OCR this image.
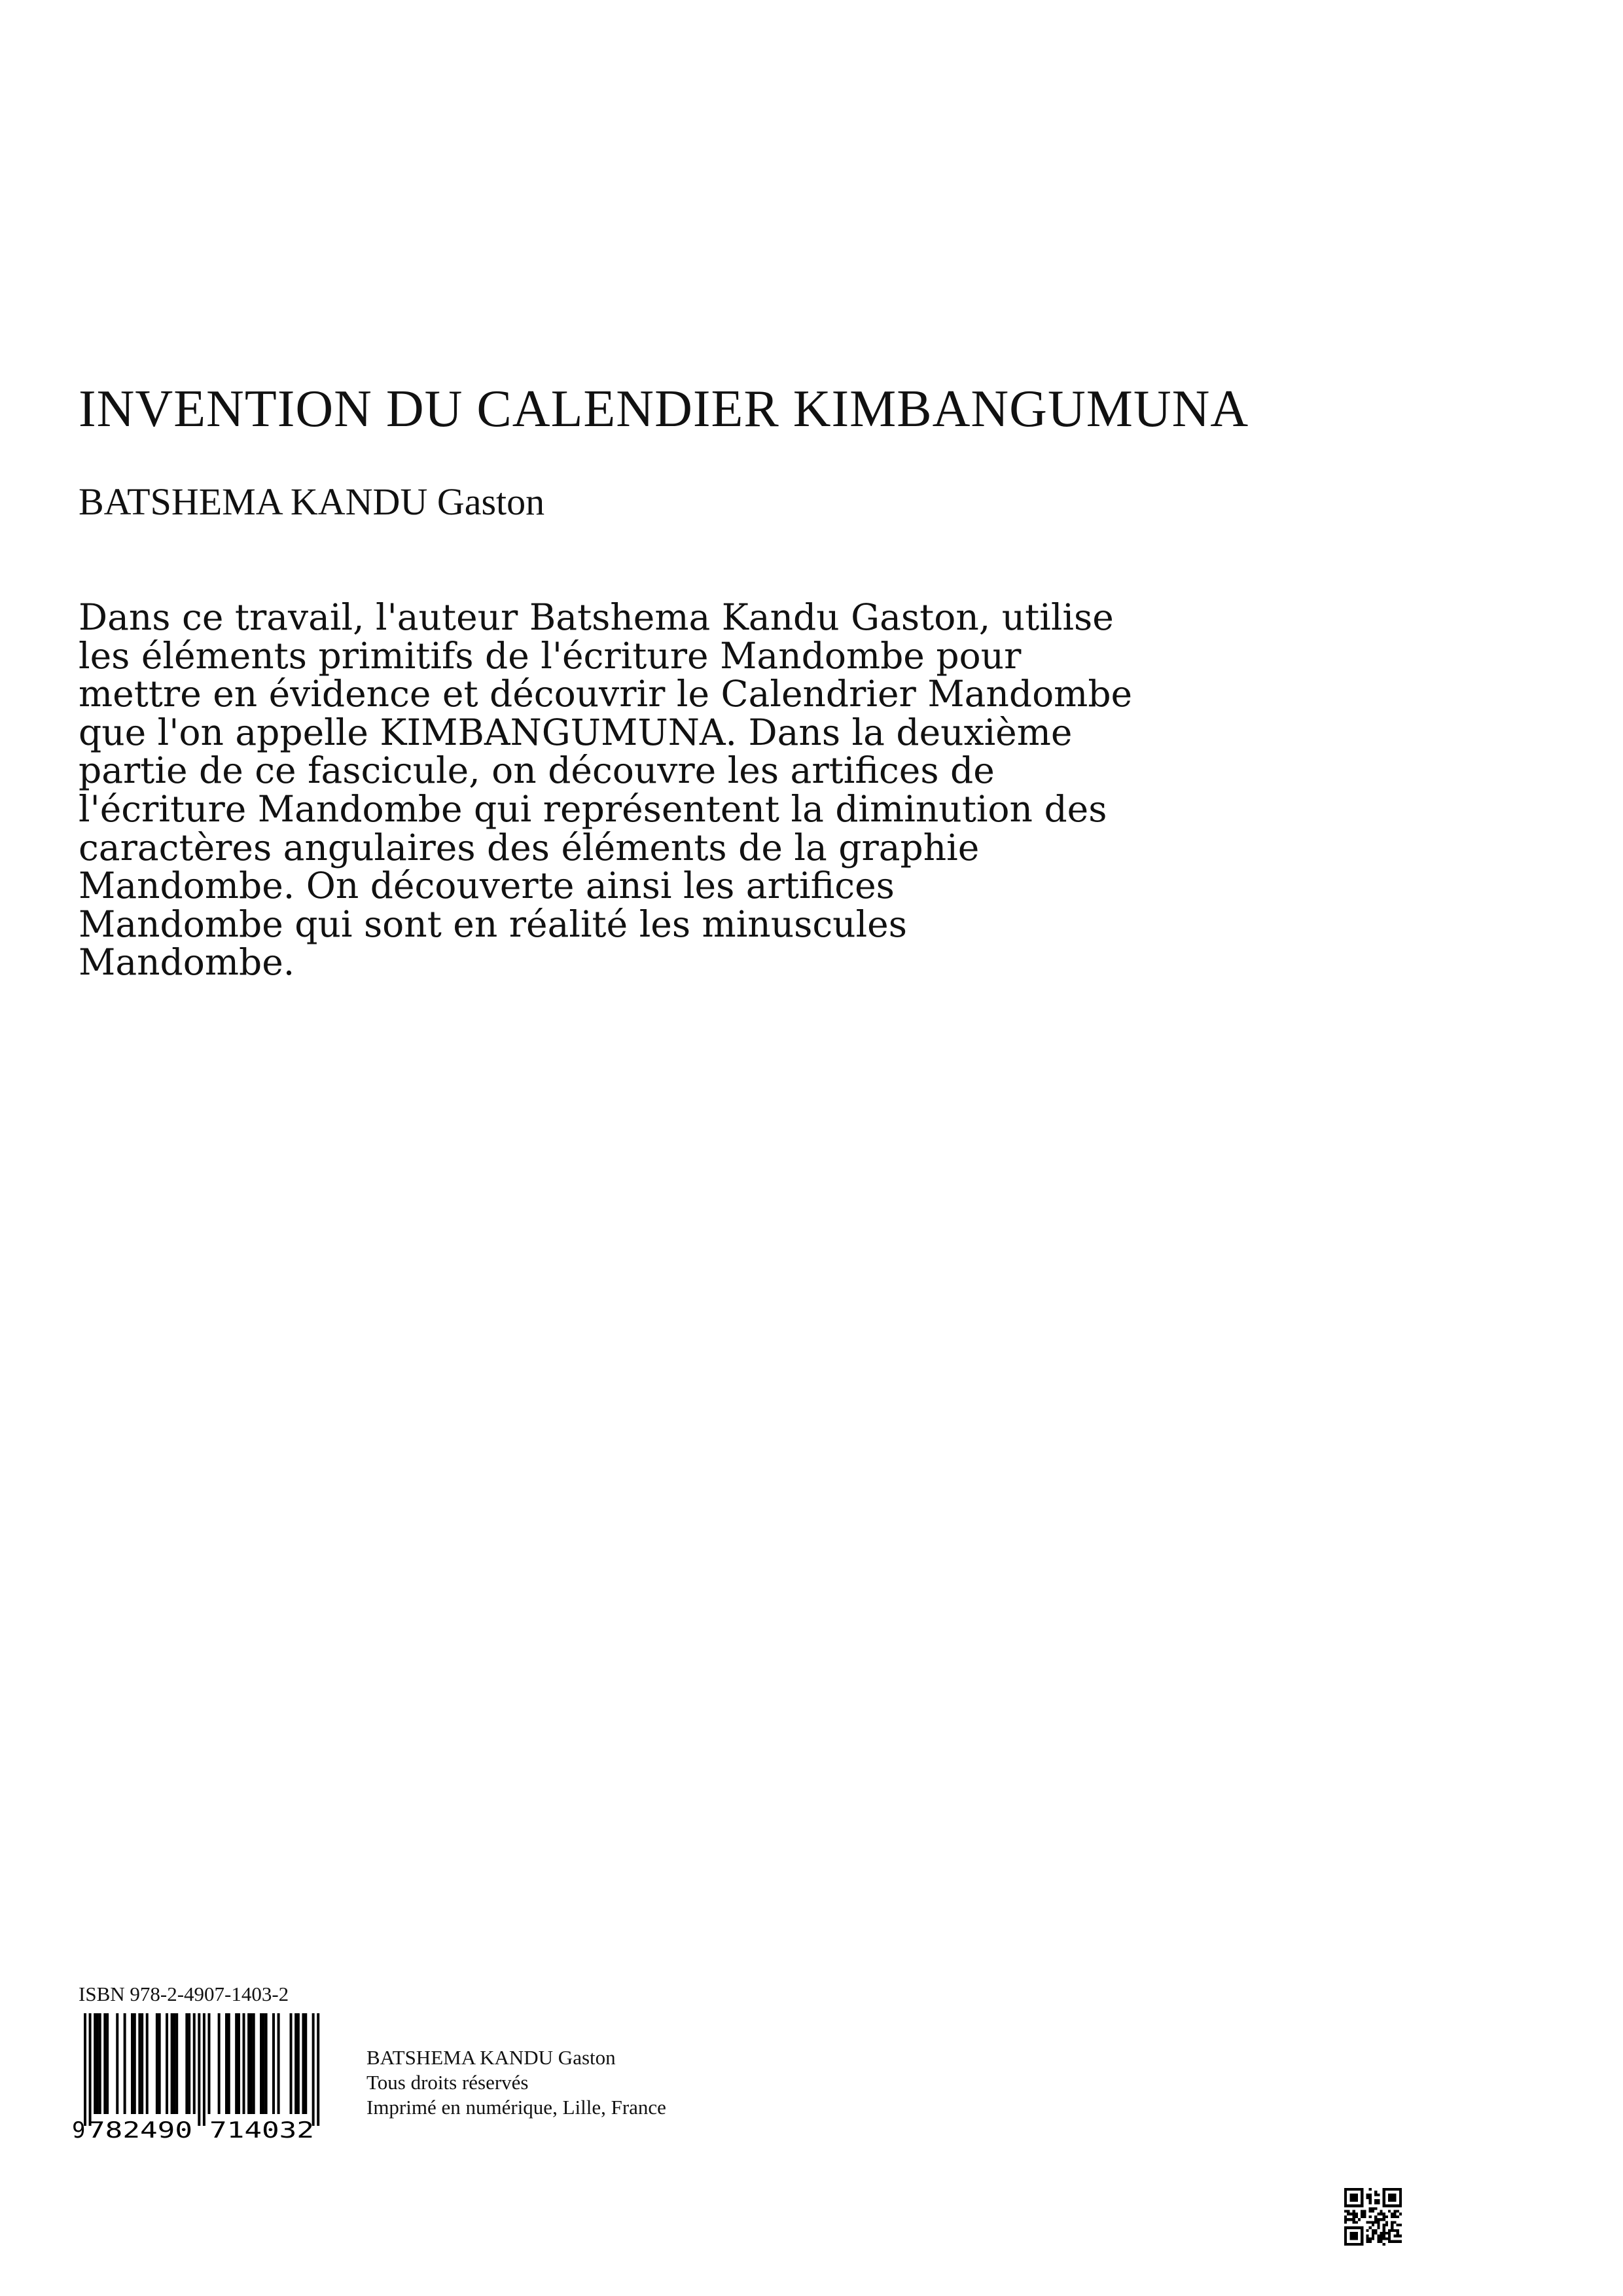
INVENTION DU CALENDIER KIMBANGUMUNA
BATSHEMA KANDU Gaston
Dans ce travail, l'auteur Batshema Kandu Gaston, utilise
les éléments primitifs de l'écriture Mandombe pour
mettre en évidence et découvrir le Calendrier Mandombe
que l'on appelle KIMBANGUMUNA. Dans la deuxième
partie de ce fascicule, on découvre les artifices de
l'écriture Mandombe qui représentent la diminution des
caractères angulaires des éléments de la graphie
Mandombe. On découverte ainsi les artifices
Mandombe qui sont en réalité les minuscules
Mandombe.
ISBN 978-2-4907-1403-2
9 782490 714032
BATSHEMA KANDU Gaston
Tous droits réservés
Imprimé en numérique, Lille, France
